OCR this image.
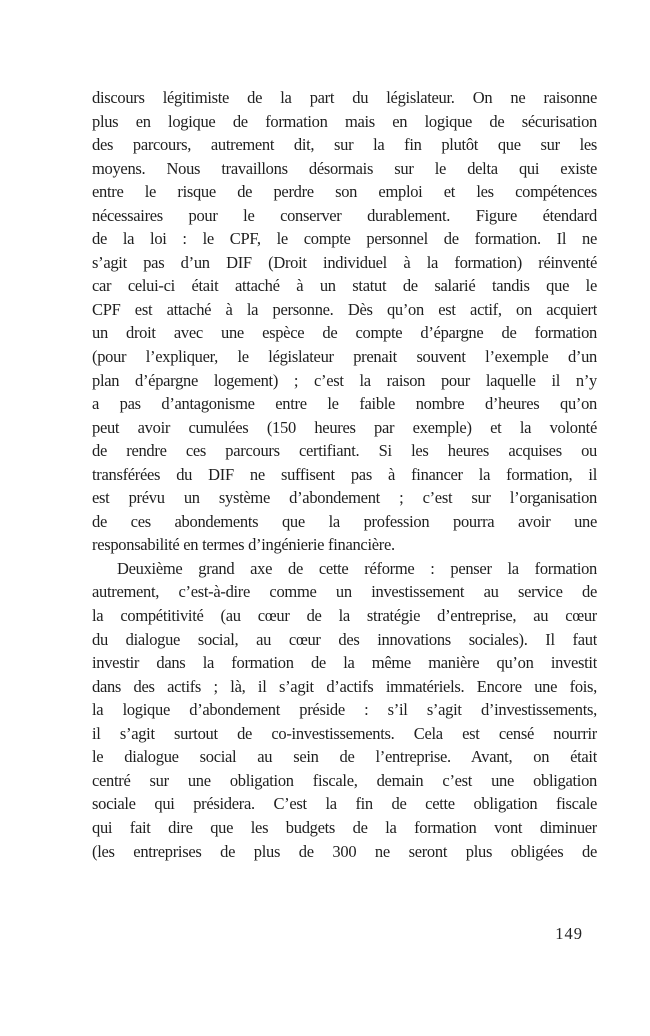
discours légitimiste de la part du législateur. On ne raisonne
plus en logique de formation mais en logique de sécurisation
des parcours, autrement dit, sur la fin plutôt que sur les
moyens. Nous travaillons désormais sur le delta qui existe
entre le risque de perdre son emploi et les compétences
nécessaires pour le conserver durablement. Figure étendard
de la loi : le CPF, le compte personnel de formation. Il ne
s’agit pas d’un DIF (Droit individuel à la formation) réinventé
car celui-ci était attaché à un statut de salarié tandis que le
CPF est attaché à la personne. Dès qu’on est actif, on acquiert
un droit avec une espèce de compte d’épargne de formation
(pour l’expliquer, le législateur prenait souvent l’exemple d’un
plan d’épargne logement) ; c’est la raison pour laquelle il n’y
a pas d’antagonisme entre le faible nombre d’heures qu’on
peut avoir cumulées (150 heures par exemple) et la volonté
de rendre ces parcours certifiant. Si les heures acquises ou
transférées du DIF ne suffisent pas à financer la formation, il
est prévu un système d’abondement ; c’est sur l’organisation
de ces abondements que la profession pourra avoir une
responsabilité en termes d’ingénierie financière.
Deuxième grand axe de cette réforme : penser la formation
autrement, c’est-à-dire comme un investissement au service de
la compétitivité (au cœur de la stratégie d’entreprise, au cœur
du dialogue social, au cœur des innovations sociales). Il faut
investir dans la formation de la même manière qu’on investit
dans des actifs ; là, il s’agit d’actifs immatériels. Encore une fois,
la logique d’abondement préside : s’il s’agit d’investissements,
il s’agit surtout de co-investissements. Cela est censé nourrir
le dialogue social au sein de l’entreprise. Avant, on était
centré sur une obligation fiscale, demain c’est une obligation
sociale qui présidera. C’est la fin de cette obligation fiscale
qui fait dire que les budgets de la formation vont diminuer
(les entreprises de plus de 300 ne seront plus obligées de
149
